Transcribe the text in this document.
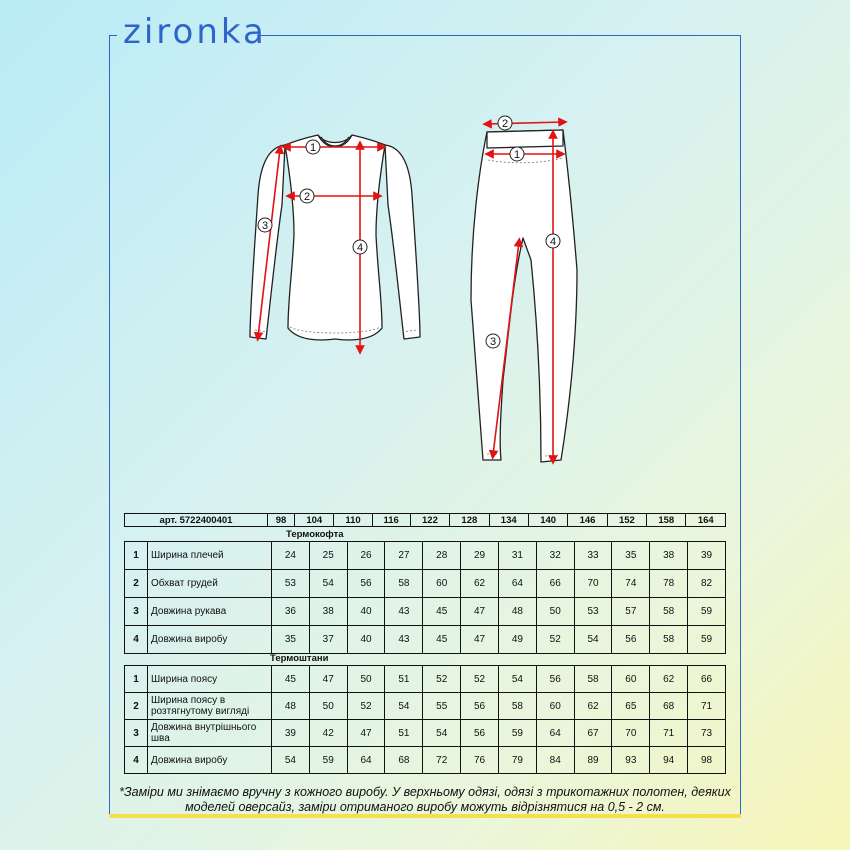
zironka
1
2
3
4
1
2
3
4
арт. 5722400401	98	104	110	116	122	128	134	140	146	152	158	164
Термокофта
1	Ширина плечей	24	25	26	27	28	29	31	32	33	35	38	39
2	Обхват грудей	53	54	56	58	60	62	64	66	70	74	78	82
3	Довжина рукава	36	38	40	43	45	47	48	50	53	57	58	59
4	Довжина виробу	35	37	40	43	45	47	49	52	54	56	58	59
Термоштани
1	Ширина поясу	45	47	50	51	52	52	54	56	58	60	62	66
2	Ширина поясу в розтягнутому вигляді	48	50	52	54	55	56	58	60	62	65	68	71
3	Довжина внутрішнього шва	39	42	47	51	54	56	59	64	67	70	71	73
4	Довжина виробу	54	59	64	68	72	76	79	84	89	93	94	98
*Заміри ми знімаємо вручну з кожного виробу. У верхньому одязі, одязі з трикотажних полотен, деяких моделей оверсайз, заміри отриманого виробу можуть відрізнятися на 0,5 - 2 см.
